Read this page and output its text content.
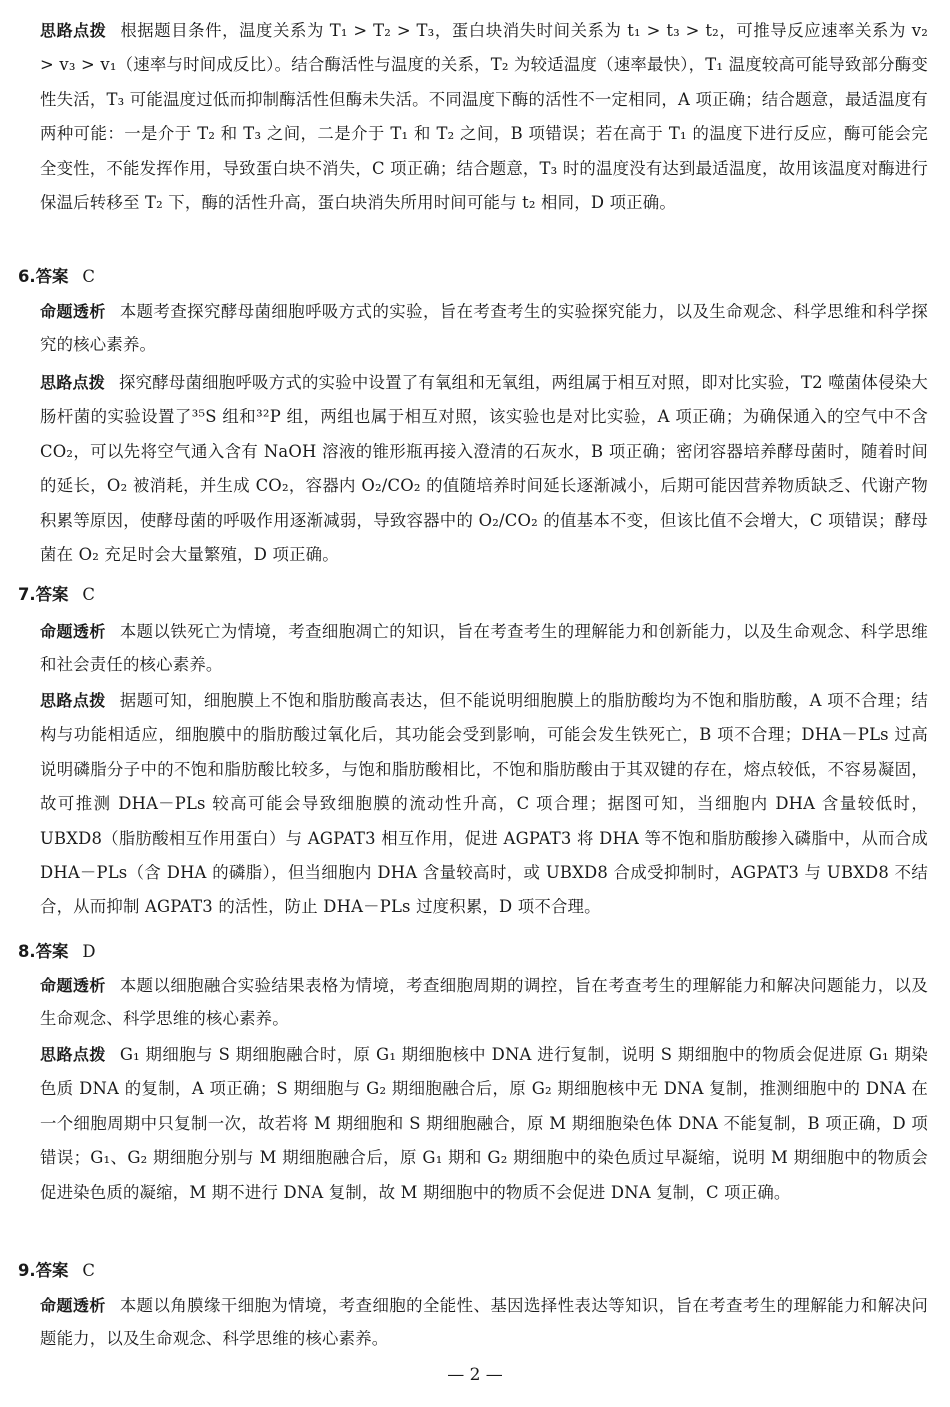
思路点拨 根据题目条件，温度关系为 T₁ > T₂ > T₃，蛋白块消失时间关系为 t₁ > t₃ > t₂，可推导反应速率关系为 v₂ > v₃ > v₁（速率与时间成反比）。结合酶活性与温度的关系，T₂ 为较适温度（速率最快），T₁ 温度较高可能导致部分酶变性失活，T₃ 可能温度过低而抑制酶活性但酶未失活。不同温度下酶的活性不一定相同，A 项正确；结合题意，最适温度有两种可能：一是介于 T₂ 和 T₃ 之间，二是介于 T₁ 和 T₂ 之间，B 项错误；若在高于 T₁ 的温度下进行反应，酶可能会完全变性，不能发挥作用，导致蛋白块不消失，C 项正确；结合题意，T₃ 时的温度没有达到最适温度，故用该温度对酶进行保温后转移至 T₂ 下，酶的活性升高，蛋白块消失所用时间可能与 t₂ 相同，D 项正确。
6.答案 C
命题透析 本题考查探究酵母菌细胞呼吸方式的实验，旨在考查考生的实验探究能力，以及生命观念、科学思维和科学探究的核心素养。
思路点拨 探究酵母菌细胞呼吸方式的实验中设置了有氧组和无氧组，两组属于相互对照，即对比实验，T2 噬菌体侵染大肠杆菌的实验设置了³⁵S 组和³²P 组，两组也属于相互对照，该实验也是对比实验，A 项正确；为确保通入的空气中不含 CO₂，可以先将空气通入含有 NaOH 溶液的锥形瓶再接入澄清的石灰水，B 项正确；密闭容器培养酵母菌时，随着时间的延长，O₂ 被消耗，并生成 CO₂，容器内 O₂/CO₂ 的值随培养时间延长逐渐减小，后期可能因营养物质缺乏、代谢产物积累等原因，使酵母菌的呼吸作用逐渐减弱，导致容器中的 O₂/CO₂ 的值基本不变，但该比值不会增大，C 项错误；酵母菌在 O₂ 充足时会大量繁殖，D 项正确。
7.答案 C
命题透析 本题以铁死亡为情境，考查细胞凋亡的知识，旨在考查考生的理解能力和创新能力，以及生命观念、科学思维和社会责任的核心素养。
思路点拨 据题可知，细胞膜上不饱和脂肪酸高表达，但不能说明细胞膜上的脂肪酸均为不饱和脂肪酸，A 项不合理；结构与功能相适应，细胞膜中的脂肪酸过氧化后，其功能会受到影响，可能会发生铁死亡，B 项不合理；DHA－PLs 过高说明磷脂分子中的不饱和脂肪酸比较多，与饱和脂肪酸相比，不饱和脂肪酸由于其双键的存在，熔点较低，不容易凝固，故可推测 DHA－PLs 较高可能会导致细胞膜的流动性升高，C 项合理；据图可知，当细胞内 DHA 含量较低时，UBXD8（脂肪酸相互作用蛋白）与 AGPAT3 相互作用，促进 AGPAT3 将 DHA 等不饱和脂肪酸掺入磷脂中，从而合成 DHA－PLs（含 DHA 的磷脂），但当细胞内 DHA 含量较高时，或 UBXD8 合成受抑制时，AGPAT3 与 UBXD8 不结合，从而抑制 AGPAT3 的活性，防止 DHA－PLs 过度积累，D 项不合理。
8.答案 D
命题透析 本题以细胞融合实验结果表格为情境，考查细胞周期的调控，旨在考查考生的理解能力和解决问题能力，以及生命观念、科学思维的核心素养。
思路点拨 G₁ 期细胞与 S 期细胞融合时，原 G₁ 期细胞核中 DNA 进行复制，说明 S 期细胞中的物质会促进原 G₁ 期染色质 DNA 的复制，A 项正确；S 期细胞与 G₂ 期细胞融合后，原 G₂ 期细胞核中无 DNA 复制，推测细胞中的 DNA 在一个细胞周期中只复制一次，故若将 M 期细胞和 S 期细胞融合，原 M 期细胞染色体 DNA 不能复制，B 项正确，D 项错误；G₁、G₂ 期细胞分别与 M 期细胞融合后，原 G₁ 期和 G₂ 期细胞中的染色质过早凝缩，说明 M 期细胞中的物质会促进染色质的凝缩，M 期不进行 DNA 复制，故 M 期细胞中的物质不会促进 DNA 复制，C 项正确。
9.答案 C
命题透析 本题以角膜缘干细胞为情境，考查细胞的全能性、基因选择性表达等知识，旨在考查考生的理解能力和解决问题能力，以及生命观念、科学思维的核心素养。
— 2 —
